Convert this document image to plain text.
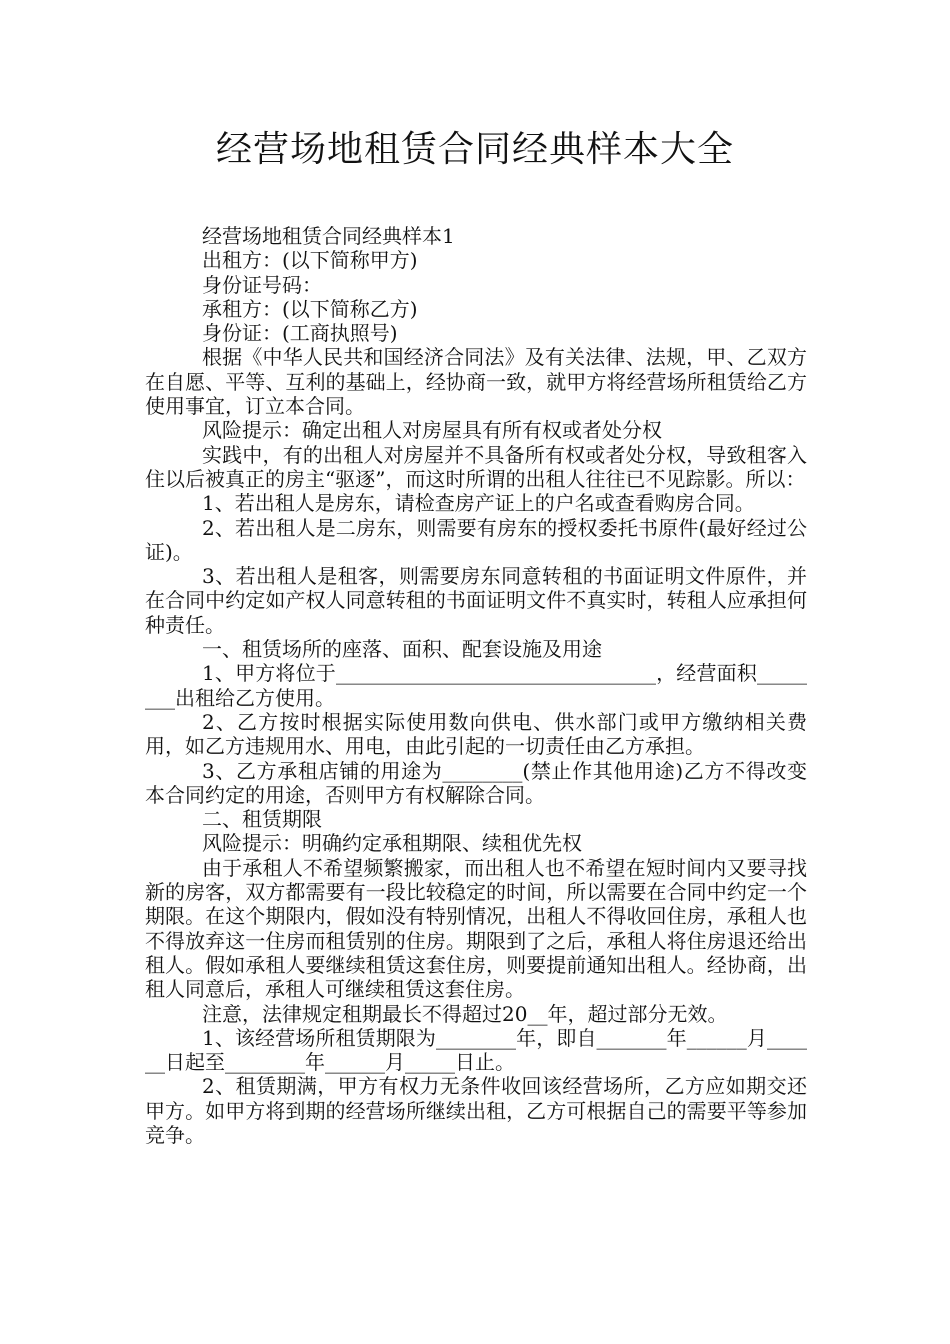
经营场地租赁合同经典样本大全

经营场地租赁合同经典样本1

出租方：(以下简称甲方)

身份证号码：

承租方：(以下简称乙方)

身份证：(工商执照号)

根据《中华人民共和国经济合同法》及有关法律、法规，甲、乙双方在自愿、平等、互利的基础上，经协商一致，就甲方将经营场所租赁给乙方使用事宜，订立本合同。

风险提示：确定出租人对房屋具有所有权或者处分权

实践中，有的出租人对房屋并不具备所有权或者处分权，导致租客入住以后被真正的房主“驱逐”，而这时所谓的出租人往往已不见踪影。所以：

1、若出租人是房东，请检查房产证上的户名或查看购房合同。

2、若出租人是二房东，则需要有房东的授权委托书原件(最好经过公证)。

3、若出租人是租客，则需要房东同意转租的书面证明文件原件，并在合同中约定如产权人同意转租的书面证明文件不真实时，转租人应承担何种责任。

一、租赁场所的座落、面积、配套设施及用途

1、甲方将位于________________________________，经营面积________出租给乙方使用。

2、乙方按时根据实际使用数向供电、供水部门或甲方缴纳相关费用，如乙方违规用水、用电，由此引起的一切责任由乙方承担。

3、乙方承租店铺的用途为________(禁止作其他用途)乙方不得改变本合同约定的用途，否则甲方有权解除合同。

二、租赁期限

风险提示：明确约定承租期限、续租优先权

由于承租人不希望频繁搬家，而出租人也不希望在短时间内又要寻找新的房客，双方都需要有一段比较稳定的时间，所以需要在合同中约定一个期限。在这个期限内，假如没有特别情况，出租人不得收回住房，承租人也不得放弃这一住房而租赁别的住房。期限到了之后，承租人将住房退还给出租人。假如承租人要继续租赁这套住房，则要提前通知出租人。经协商，出租人同意后，承租人可继续租赁这套住房。

注意，法律规定租期最长不得超过20__年，超过部分无效。

1、该经营场所租赁期限为________年，即自_______年______月______日起至________年______月_____日止。

2、租赁期满，甲方有权力无条件收回该经营场所，乙方应如期交还甲方。如甲方将到期的经营场所继续出租，乙方可根据自己的需要平等参加竞争。
